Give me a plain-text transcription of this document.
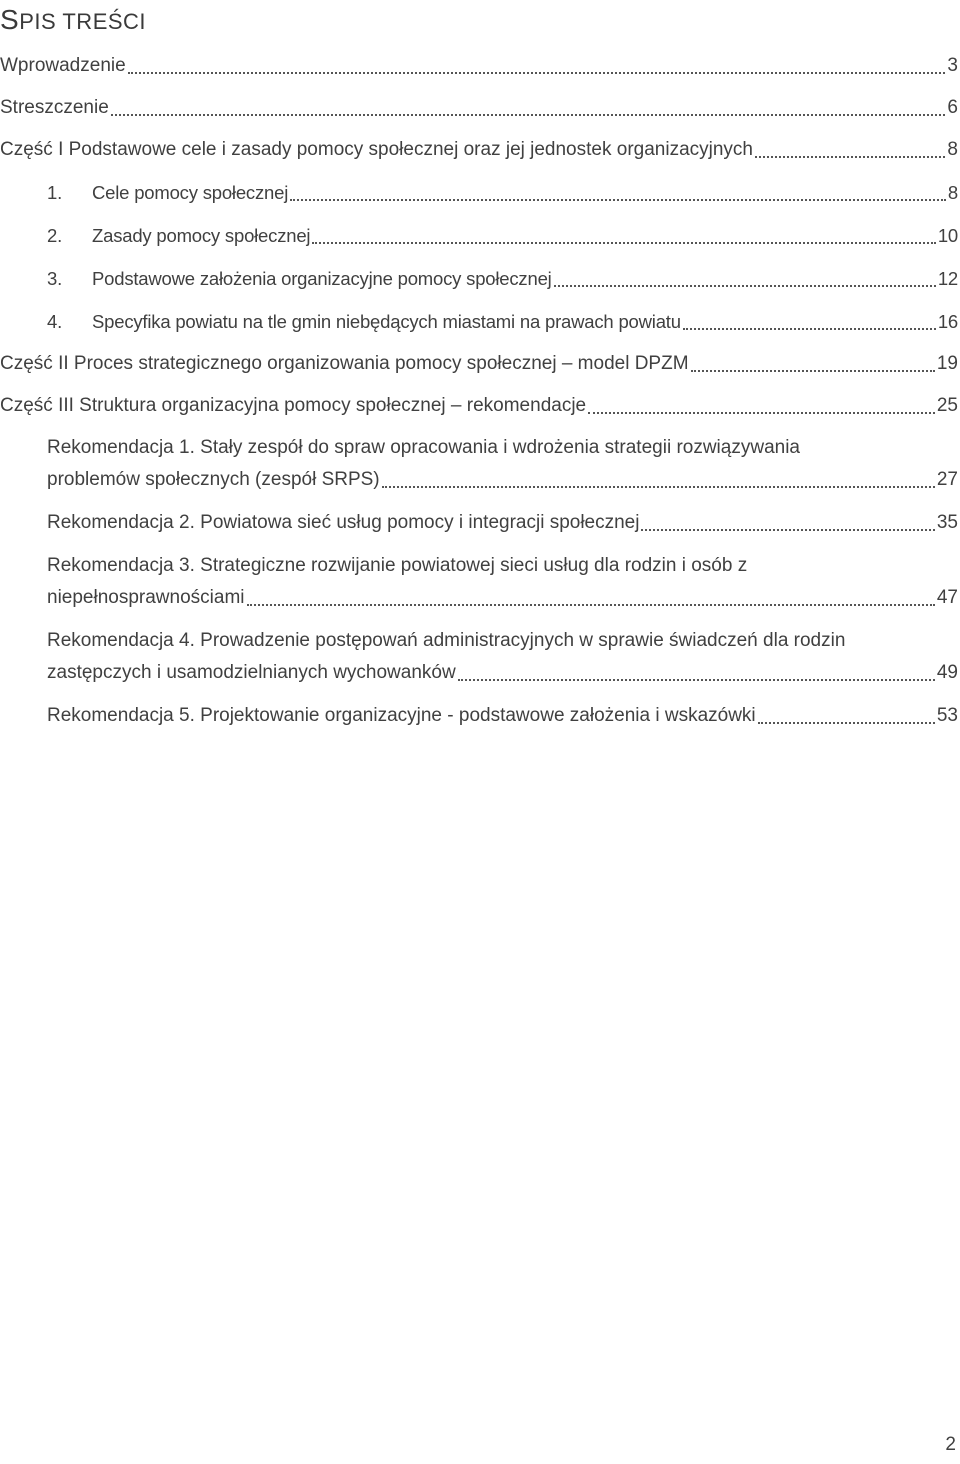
SPIS TREŚCI
Wprowadzenie	3
Streszczenie	6
Część I Podstawowe cele i zasady pomocy społecznej oraz jej jednostek organizacyjnych	8
1.	Cele pomocy społecznej	8
2.	Zasady pomocy społecznej	10
3.	Podstawowe założenia organizacyjne pomocy społecznej	12
4.	Specyfika powiatu na tle gmin niebędących miastami na prawach powiatu	16
Część II Proces strategicznego organizowania pomocy społecznej – model DPZM	19
Część III Struktura organizacyjna pomocy społecznej – rekomendacje	25
Rekomendacja 1. Stały zespół do spraw opracowania i wdrożenia strategii rozwiązywania
problemów społecznych (zespół SRPS)	27
Rekomendacja 2. Powiatowa sieć usług pomocy i integracji społecznej	35
Rekomendacja 3. Strategiczne rozwijanie powiatowej sieci usług dla rodzin i osób z
niepełnosprawnościami	47
Rekomendacja 4. Prowadzenie postępowań administracyjnych w sprawie świadczeń dla rodzin
zastępczych i usamodzielnianych wychowanków	49
Rekomendacja 5. Projektowanie organizacyjne - podstawowe założenia i wskazówki	53
2
